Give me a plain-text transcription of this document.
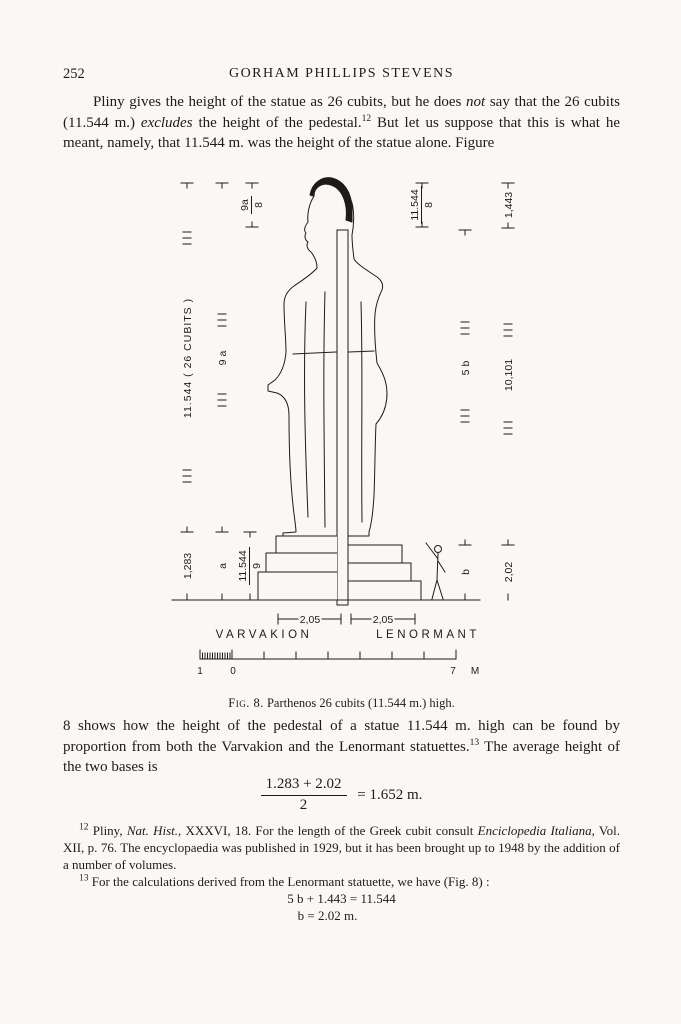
252	GORHAM PHILLIPS STEVENS

Pliny gives the height of the statue as 26 cubits, but he does not say that the 26 cubits (11.544 m.) excludes the height of the pedestal.$^{12}$ But let us suppose that this is what he meant, namely, that 11.544 m. was the height of the statue alone. Figure

11.544 ( 26 CUBITS ) 9 a
9a 8	11.544 8	1,443
5 b	10,101
1,283 a 11.544 9
b	2,02
2,05	2,05
VARVAKION	LENORMANT
1	0	7 M
Fig. 8. Parthenos 26 cubits (11.544 m.) high.

8 shows how the height of the pedestal of a statue 11.544 m. high can be found by proportion from both the Varvakion and the Lenormant statuettes.$^{13}$ The average height of the two bases is

$\frac{1.283 + 2.02}{2} = 1.652$ m.

$^{12}$ Pliny, Nat. Hist., XXXVI, 18. For the length of the Greek cubit consult Enciclopedia Italiana, Vol. XII, p. 76. The encyclopaedia was published in 1929, but it has been brought up to 1948 by the addition of a number of volumes.

$^{13}$ For the calculations derived from the Lenormant statuette, we have (Fig. 8) :

5 b + 1.443 = 11.544
b = 2.02 m.
